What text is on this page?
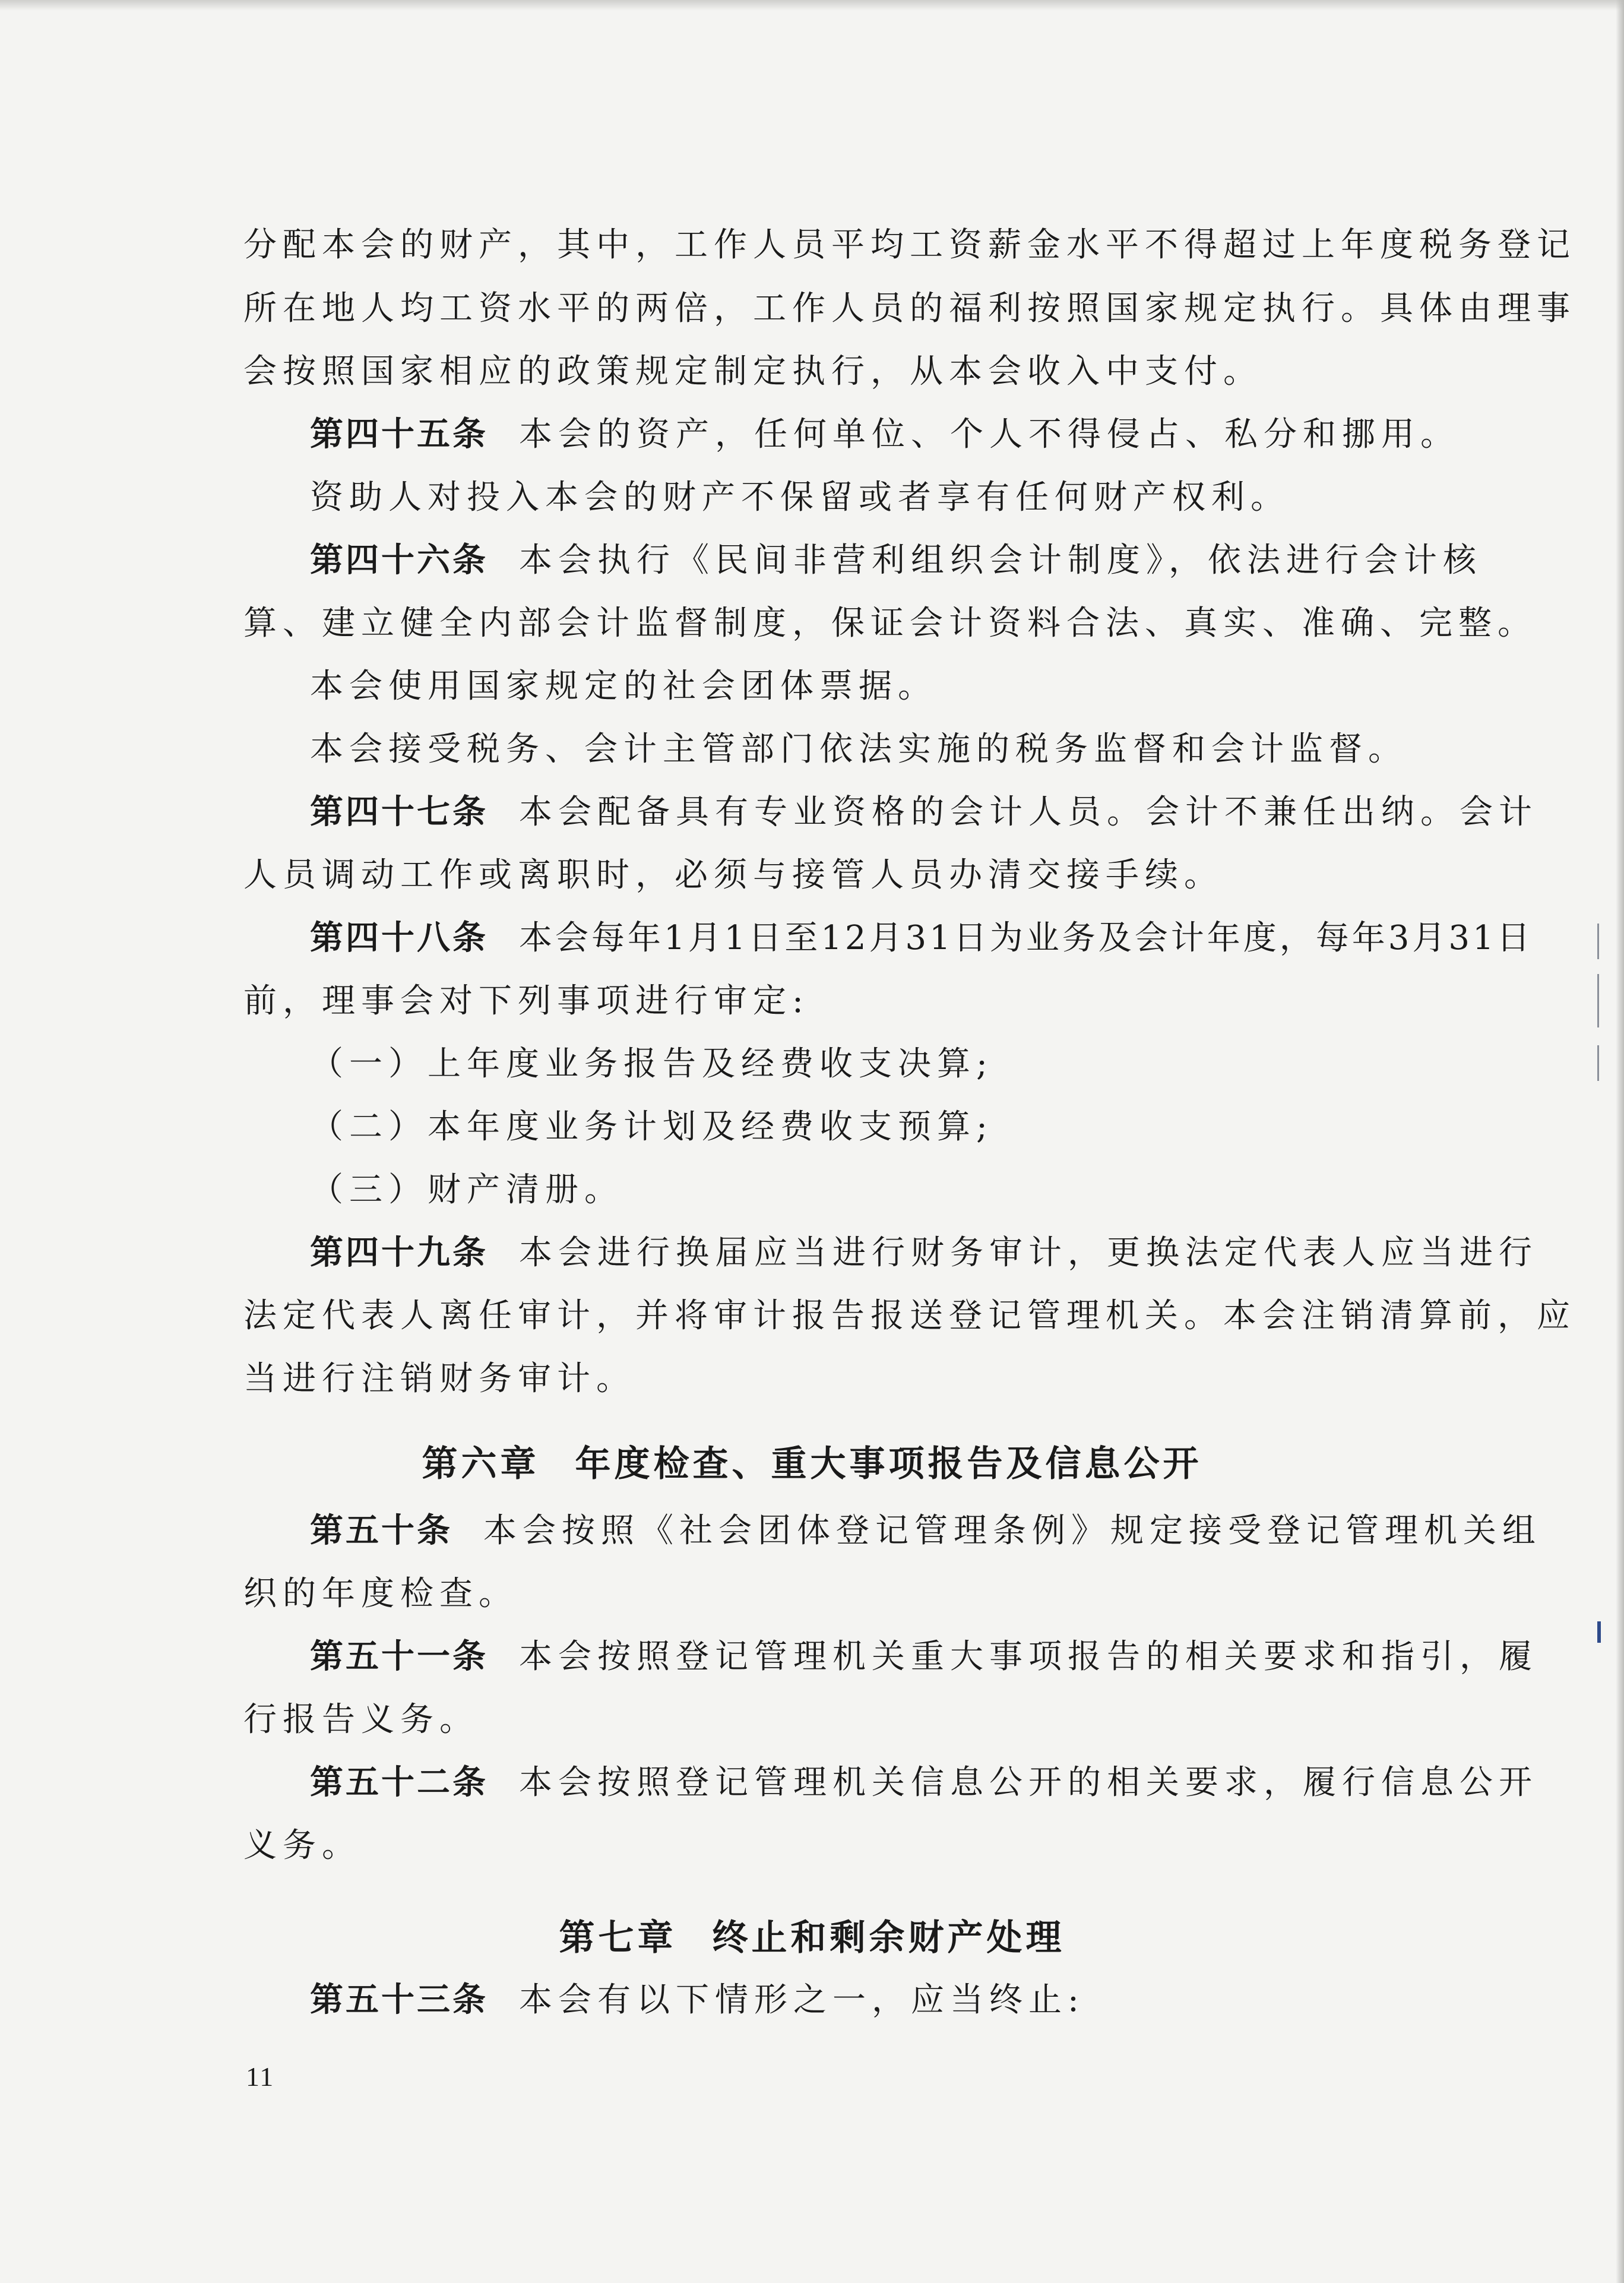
分配本会的财产，其中，工作人员平均工资薪金水平不得超过上年度税务登记
所在地人均工资水平的两倍，工作人员的福利按照国家规定执行。具体由理事
会按照国家相应的政策规定制定执行，从本会收入中支付。
第四十五条 本会的资产，任何单位、个人不得侵占、私分和挪用。
资助人对投入本会的财产不保留或者享有任何财产权利。
第四十六条 本会执行《民间非营利组织会计制度》，依法进行会计核
算、建立健全内部会计监督制度，保证会计资料合法、真实、准确、完整。
本会使用国家规定的社会团体票据。
本会接受税务、会计主管部门依法实施的税务监督和会计监督。
第四十七条 本会配备具有专业资格的会计人员。会计不兼任出纳。会计
人员调动工作或离职时，必须与接管人员办清交接手续。
第四十八条 本会每年1月1日至12月31日为业务及会计年度，每年3月31日
前，理事会对下列事项进行审定:
（一）上年度业务报告及经费收支决算;
（二）本年度业务计划及经费收支预算;
（三）财产清册。
第四十九条 本会进行换届应当进行财务审计，更换法定代表人应当进行
法定代表人离任审计，并将审计报告报送登记管理机关。本会注销清算前，应
当进行注销财务审计。
第六章 年度检查、重大事项报告及信息公开
第五十条 本会按照《社会团体登记管理条例》规定接受登记管理机关组
织的年度检查。
第五十一条 本会按照登记管理机关重大事项报告的相关要求和指引，履
行报告义务。
第五十二条 本会按照登记管理机关信息公开的相关要求，履行信息公开
义务。
第七章 终止和剩余财产处理
第五十三条 本会有以下情形之一，应当终止:
11
